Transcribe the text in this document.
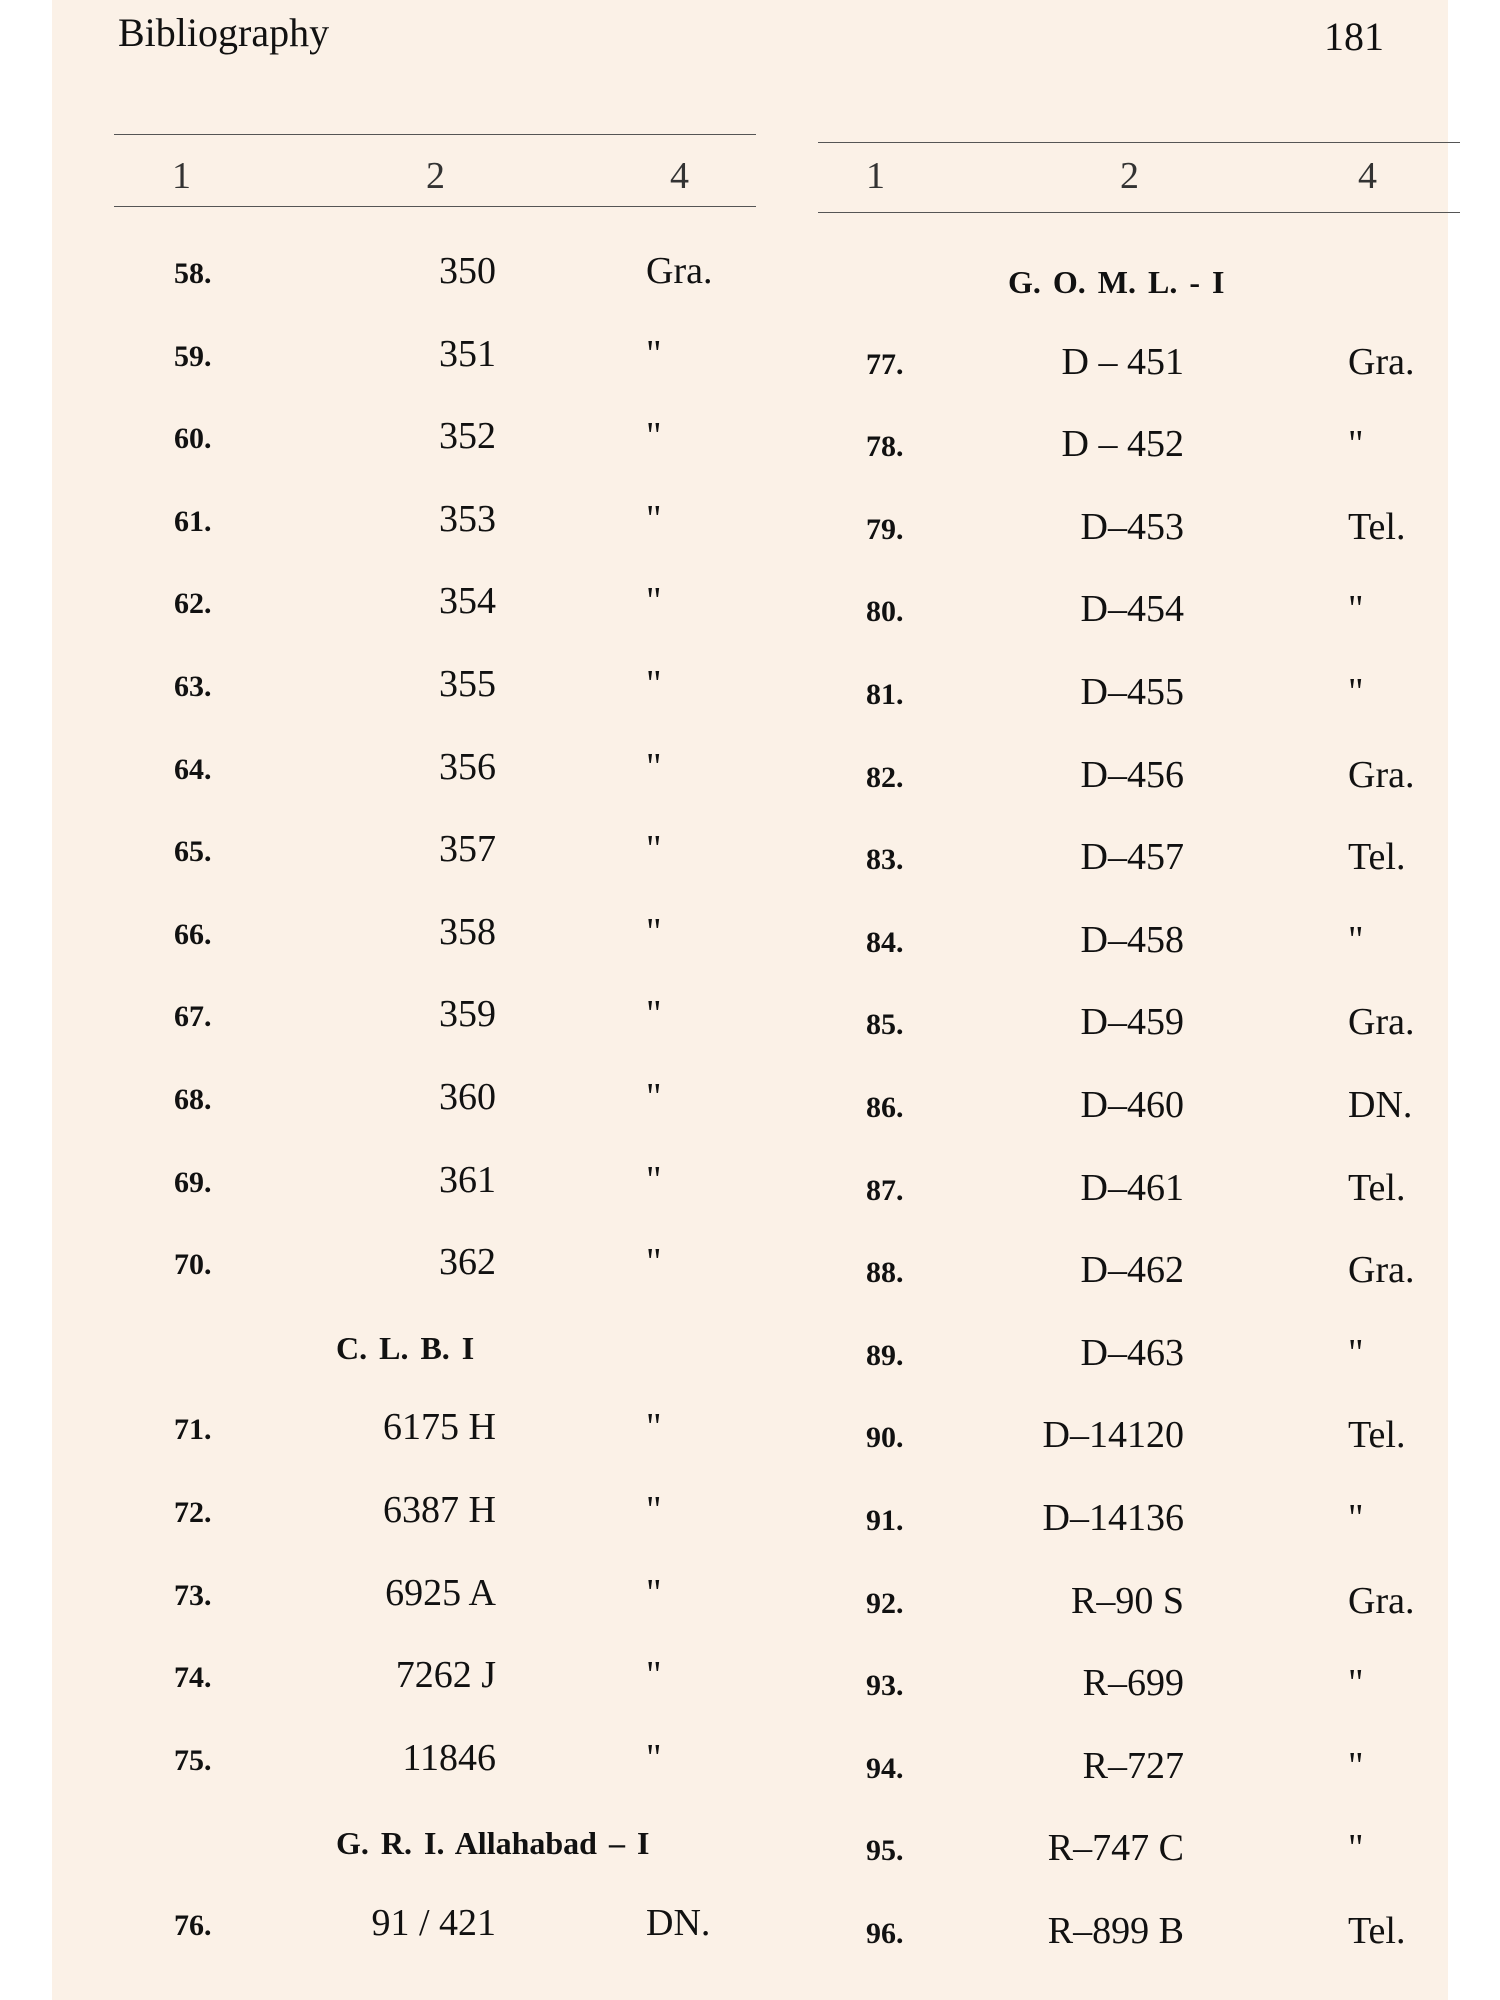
Bibliography	181
1	2	4
58.	350	Gra.
59.	351	"
60.	352	"
61.	353	"
62.	354	"
63.	355	"
64.	356	"
65.	357	"
66.	358	"
67.	359	"
68.	360	"
69.	361	"
70.	362	"
C. L. B. I
71.	6175 H	"
72.	6387 H	"
73.	6925 A	"
74.	7262 J	"
75.	11846	"
G. R. I. Allahabad – I
76.	91 / 421	DN.
1	2	4
G. O. M. L. - I
77.	D – 451	Gra.
78.	D – 452	"
79.	D–453	Tel.
80.	D–454	"
81.	D–455	"
82.	D–456	Gra.
83.	D–457	Tel.
84.	D–458	"
85.	D–459	Gra.
86.	D–460	DN.
87.	D–461	Tel.
88.	D–462	Gra.
89.	D–463	"
90.	D–14120	Tel.
91.	D–14136	"
92.	R–90 S	Gra.
93.	R–699	"
94.	R–727	"
95.	R–747 C	"
96.	R–899 B	Tel.
